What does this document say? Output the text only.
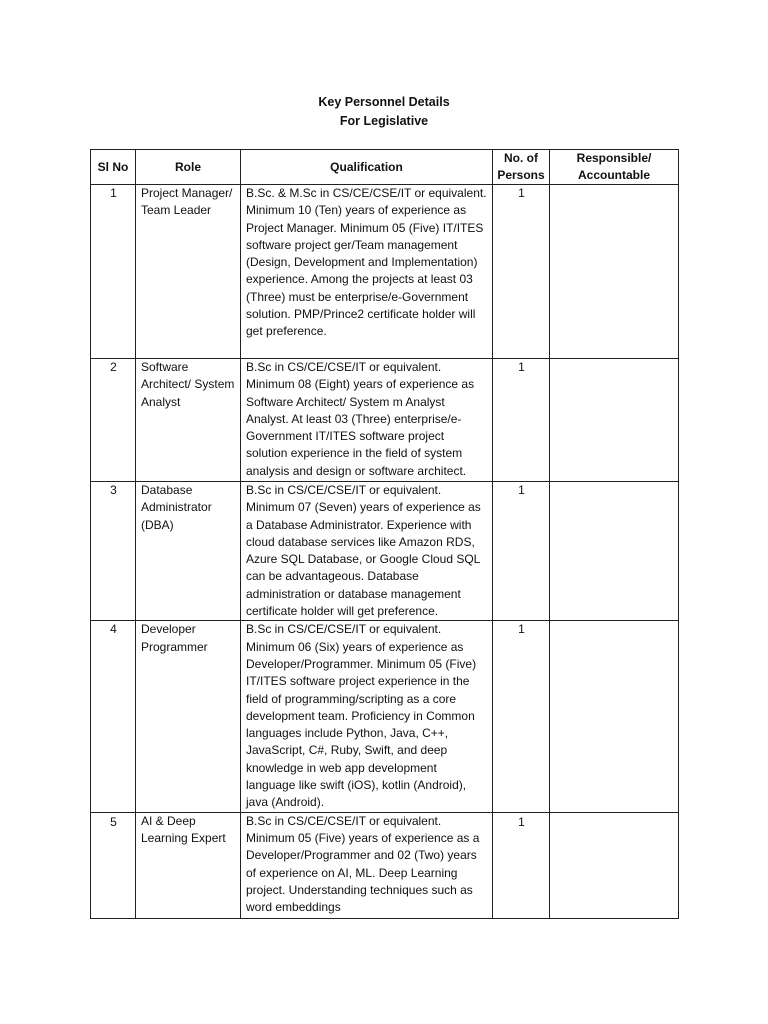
Key Personnel Details
For Legislative
Sl No	Role	Qualification	No. of Persons	Responsible/ Accountable
1	Project Manager/ Team Leader	B.Sc. & M.Sc in CS/CE/CSE/IT or equivalent. Minimum 10 (Ten) years of experience as Project Manager. Minimum 05 (Five) IT/ITES software project ger/Team management (Design, Development and Implementation) experience. Among the projects at least 03 (Three) must be enterprise/e-Government solution. PMP/Prince2 certificate holder will get preference.	1	
2	Software Architect/ System Analyst	B.Sc in CS/CE/CSE/IT or equivalent. Minimum 08 (Eight) years of experience as Software Architect/ System m Analyst Analyst. At least 03 (Three) enterprise/e-Government IT/ITES software project solution experience in the field of system analysis and design or software architect.	1	
3	Database Administrator (DBA)	B.Sc in CS/CE/CSE/IT or equivalent. Minimum 07 (Seven) years of experience as a Database Administrator. Experience with cloud database services like Amazon RDS, Azure SQL Database, or Google Cloud SQL can be advantageous. Database administration or database management certificate holder will get preference.	1	
4	Developer Programmer	B.Sc in CS/CE/CSE/IT or equivalent. Minimum 06 (Six) years of experience as Developer/Programmer. Minimum 05 (Five) IT/ITES software project experience in the field of programming/scripting as a core development team. Proficiency in Common languages include Python, Java, C++, JavaScript, C#, Ruby, Swift, and deep knowledge in web app development language like swift (iOS), kotlin (Android), java (Android).	1	
5	AI & Deep Learning Expert	B.Sc in CS/CE/CSE/IT or equivalent. Minimum 05 (Five) years of experience as a Developer/Programmer and 02 (Two) years of experience on AI, ML. Deep Learning project. Understanding techniques such as word embeddings	1	
